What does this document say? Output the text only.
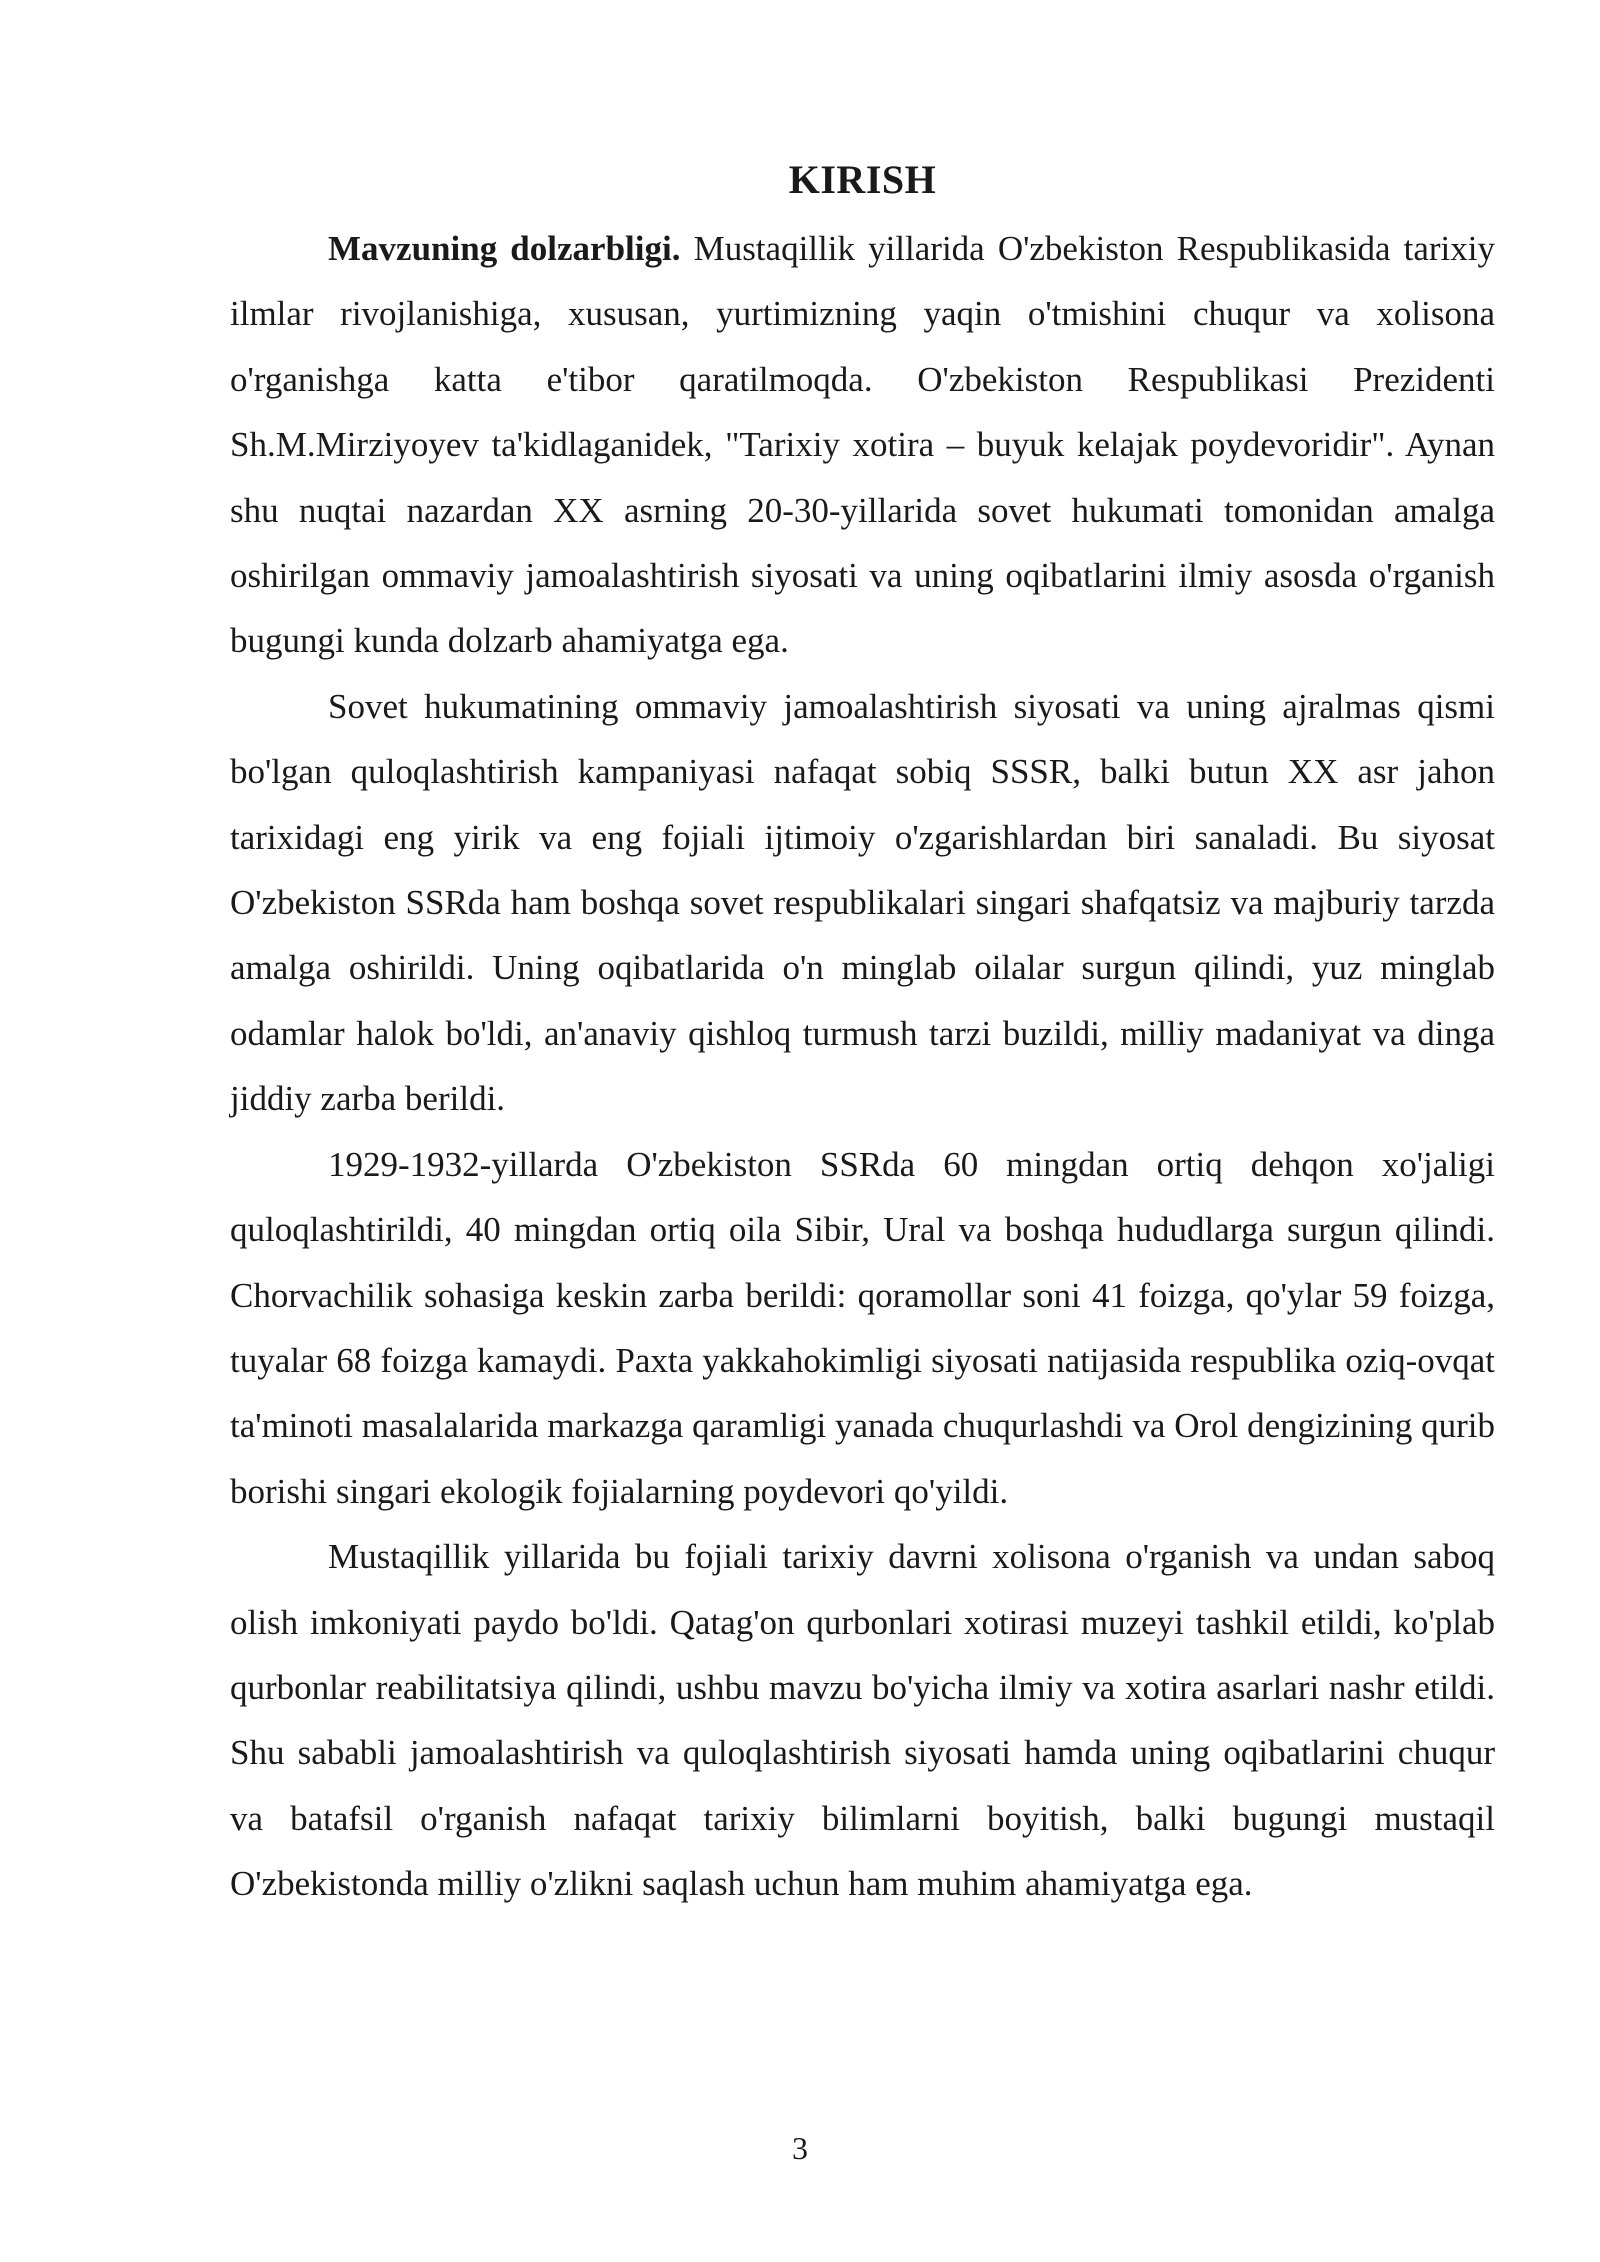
KIRISH

Mavzuning dolzarbligi. Mustaqillik yillarida O'zbekiston Respublikasida tarixiy ilmlar rivojlanishiga, xususan, yurtimizning yaqin o'tmishini chuqur va xolisona o'rganishga katta e'tibor qaratilmoqda. O'zbekiston Respublikasi Prezidenti Sh.M.Mirziyoyev ta'kidlaganidek, "Tarixiy xotira – buyuk kelajak poydevoridir". Aynan shu nuqtai nazardan XX asrning 20-30-yillarida sovet hukumati tomonidan amalga oshirilgan ommaviy jamoalashtirish siyosati va uning oqibatlarini ilmiy asosda o'rganish bugungi kunda dolzarb ahamiyatga ega.

Sovet hukumatining ommaviy jamoalashtirish siyosati va uning ajralmas qismi bo'lgan quloqlashtirish kampaniyasi nafaqat sobiq SSSR, balki butun XX asr jahon tarixidagi eng yirik va eng fojiali ijtimoiy o'zgarishlardan biri sanaladi. Bu siyosat O'zbekiston SSRda ham boshqa sovet respublikalari singari shafqatsiz va majburiy tarzda amalga oshirildi. Uning oqibatlarida o'n minglab oilalar surgun qilindi, yuz minglab odamlar halok bo'ldi, an'anaviy qishloq turmush tarzi buzildi, milliy madaniyat va dinga jiddiy zarba berildi.

1929-1932-yillarda O'zbekiston SSRda 60 mingdan ortiq dehqon xo'jaligi quloqlashtirildi, 40 mingdan ortiq oila Sibir, Ural va boshqa hududlarga surgun qilindi. Chorvachilik sohasiga keskin zarba berildi: qoramollar soni 41 foizga, qo'ylar 59 foizga, tuyalar 68 foizga kamaydi. Paxta yakkahokimligi siyosati natijasida respublika oziq-ovqat ta'minoti masalalarida markazga qaramligi yanada chuqurlashdi va Orol dengizining qurib borishi singari ekologik fojialarning poydevori qo'yildi.

Mustaqillik yillarida bu fojiali tarixiy davrni xolisona o'rganish va undan saboq olish imkoniyati paydo bo'ldi. Qatag'on qurbonlari xotirasi muzeyi tashkil etildi, ko'plab qurbonlar reabilitatsiya qilindi, ushbu mavzu bo'yicha ilmiy va xotira asarlari nashr etildi. Shu sababli jamoalashtirish va quloqlashtirish siyosati hamda uning oqibatlarini chuqur va batafsil o'rganish nafaqat tarixiy bilimlarni boyitish, balki bugungi mustaqil O'zbekistonda milliy o'zlikni saqlash uchun ham muhim ahamiyatga ega.

3
